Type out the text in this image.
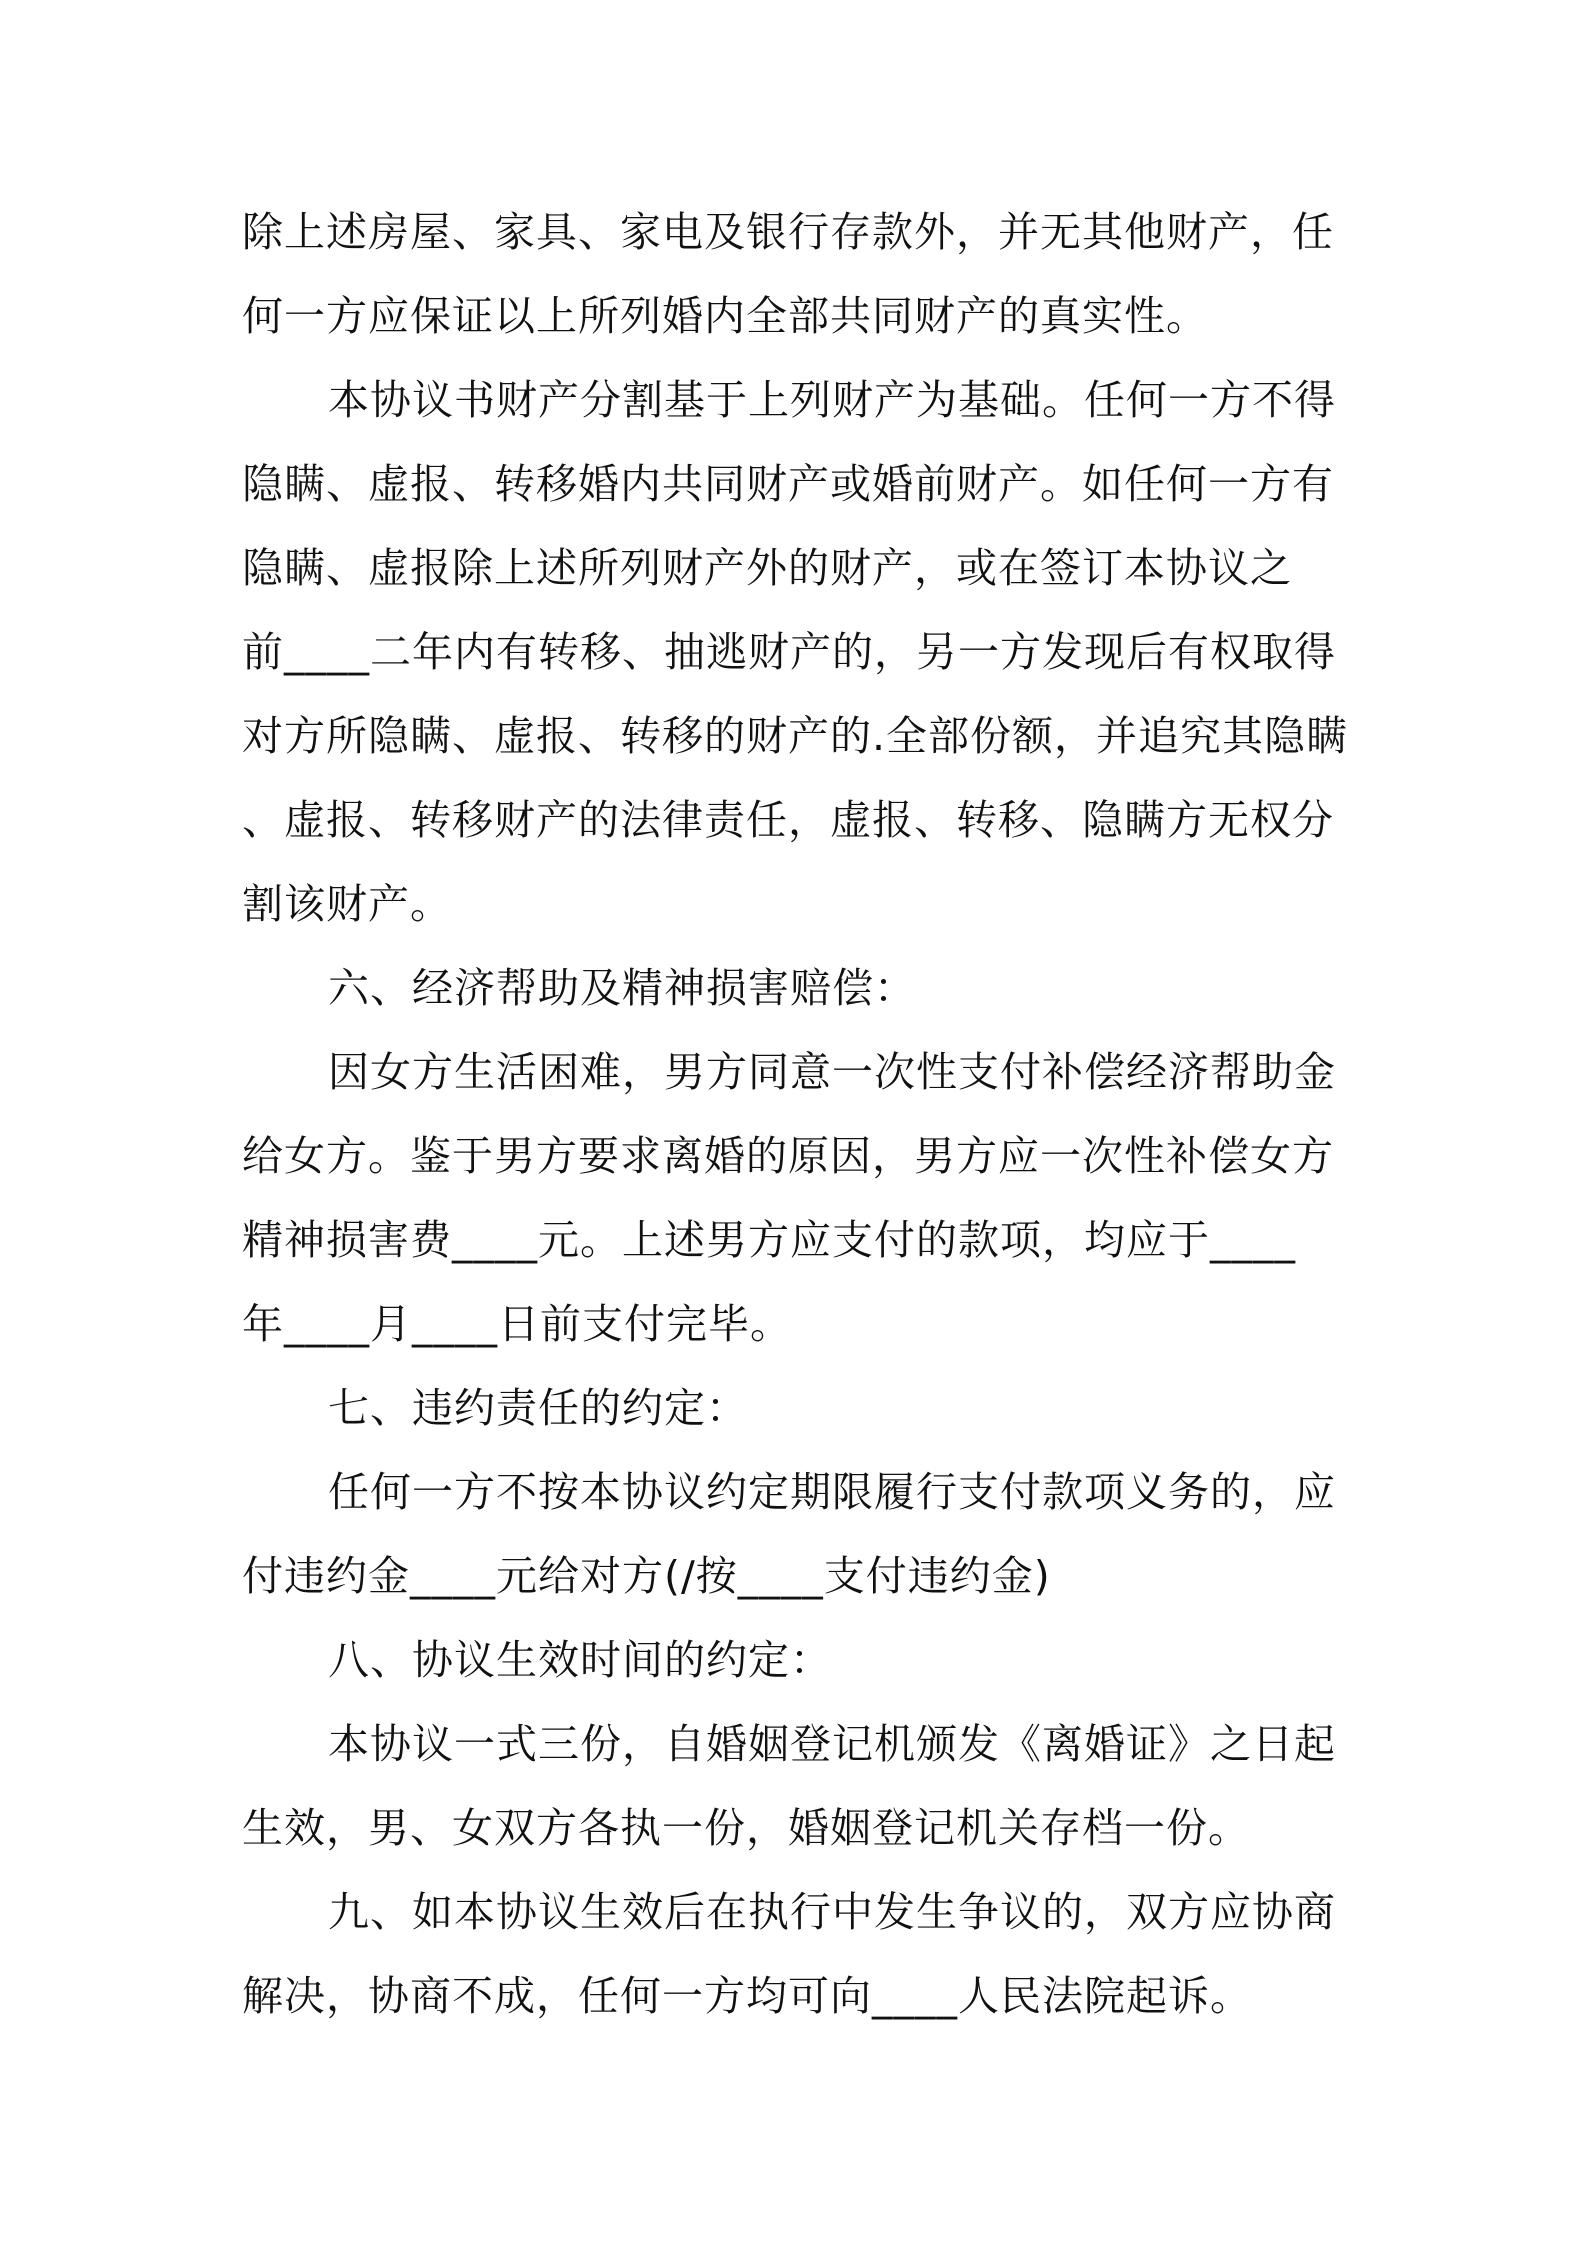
除上述房屋、家具、家电及银行存款外，并无其他财产，任
何一方应保证以上所列婚内全部共同财产的真实性。
本协议书财产分割基于上列财产为基础。任何一方不得
隐瞒、虚报、转移婚内共同财产或婚前财产。如任何一方有
隐瞒、虚报除上述所列财产外的财产，或在签订本协议之
前____二年内有转移、抽逃财产的，另一方发现后有权取得
对方所隐瞒、虚报、转移的财产的.全部份额，并追究其隐瞒
、虚报、转移财产的法律责任，虚报、转移、隐瞒方无权分
割该财产。
六、经济帮助及精神损害赔偿：
因女方生活困难，男方同意一次性支付补偿经济帮助金
给女方。鉴于男方要求离婚的原因，男方应一次性补偿女方
精神损害费____元。上述男方应支付的款项，均应于____
年____月____日前支付完毕。
七、违约责任的约定：
任何一方不按本协议约定期限履行支付款项义务的，应
付违约金____元给对方(/按____支付违约金)
八、协议生效时间的约定：
本协议一式三份，自婚姻登记机颁发《离婚证》之日起
生效，男、女双方各执一份，婚姻登记机关存档一份。
九、如本协议生效后在执行中发生争议的，双方应协商
解决，协商不成，任何一方均可向____人民法院起诉。
